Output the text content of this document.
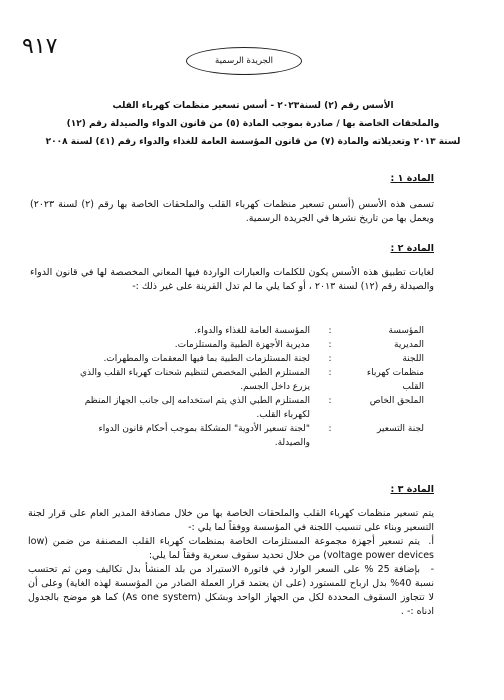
٩١٧
الجريدة الرسمية
الأسس رقم (٢) لسنة٢٠٢٣ - أسس تسعير منظمات كهرباء القلب
والملحقات الخاصة بها / صادرة بموجب المادة (٥) من قانون الدواء والصيدلة رقم (١٢)
لسنة ٢٠١٣ وتعديلاته والمادة (٧) من قانون المؤسسة العامة للغذاء والدواء رقم (٤١) لسنة ٢٠٠٨
المادة ١ :

تسمى هذه الأسس (أسس تسعير منظمات كهرباء القلب والملحقات الخاصة بها رقم (٢) لسنة ٢٠٢٣) ويعمل بها من تاريخ نشرها في الجريدة الرسمية.

المادة ٢ :

لغايات تطبيق هذه الأسس يكون للكلمات والعبارات الواردة فيها المعاني المخصصة لها في قانون الدواء والصيدلة رقم (١٢) لسنة ٢٠١٣ ، أو كما يلي ما لم تدل القرينة على غير ذلك :-

المؤسسة
:
المؤسسة العامة للغذاء والدواء.
المديرية
:
مديرية الأجهزة الطبية والمستلزمات.
اللجنة
:
لجنة المستلزمات الطبية بما فيها المعقمات والمطهرات.
منظمات كهرباء القلب
:
المستلزم الطبي المخصص لتنظيم شحنات كهرباء القلب والذي يزرع داخل الجسم.
الملحق الخاص
:
المستلزم الطبي الذي يتم استخدامه إلى جانب الجهاز المنظم لكهرباء القلب.
لجنة التسعير
:
"لجنة تسعير الأدوية" المشكلة بموجب أحكام قانون الدواء والصيدلة.
المادة ٣ :

يتم تسعير منظمات كهرباء القلب والملحقات الخاصة بها من خلال مصادقة المدير العام على قرار لجنة التسعير وبناء على تنسيب اللجنة في المؤسسة ووفقاً لما يلي :-

أ.يتم تسعير أجهزة مجموعة المستلزمات الخاصة بمنظمات كهرباء القلب المصنفة من ضمن (low voltage power devices) من خلال تحديد سقوف سعرية وفقاً لما يلي:
-بإضافة 25 % على السعر الوارد في فاتورة الاستيراد من بلد المنشأ بدل تكاليف ومن ثم تحتسب نسبة 40% بدل ارباح للمستورد (على ان يعتمد قرار العملة الصادر من المؤسسة لهذه الغاية) وعلى أن لا تتجاوز السقوف المحددة لكل من الجهاز الواحد وبشكل (As one system) كما هو موضح بالجدول ادناه :- .
